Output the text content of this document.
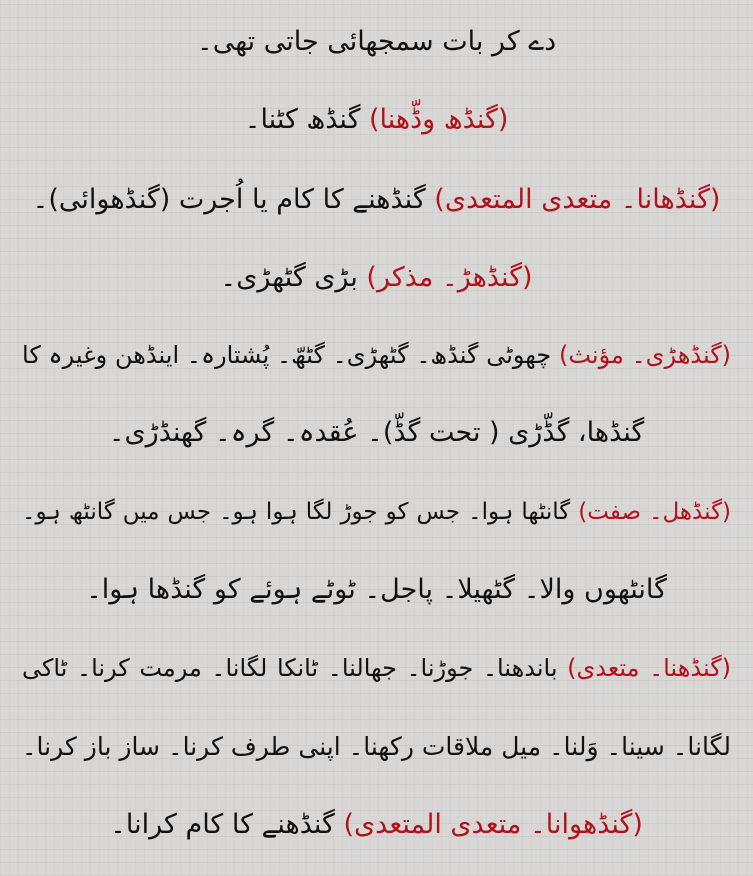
دے کر بات سمجھائی جاتی تھی۔
(گنڈھ وڈّھنا) گنڈھ کٹنا۔
(گنڈھانا۔ متعدی المتعدی) گنڈھنے کا کام یا اُجرت (گنڈھوائی)۔
(گنڈھڑ۔ مذکر) بڑی گٹھڑی۔
(گنڈھڑی۔ مؤنث) چھوٹی گنڈھ۔ گٹھڑی۔ گٹھّ۔ پُشتارہ۔ اینڈھن وغیرہ کا
گنڈھا، گڈّڑی ( تحت گڈّ)۔ عُقدہ۔ گرہ۔ گھنڈڑی۔
(گنڈھل۔ صفت) گانٹھا ہوا۔ جس کو جوڑ لگا ہوا ہو۔ جس میں گانٹھ ہو۔
گانٹھوں والا۔ گٹھیلا۔ پاجل۔ ٹوٹے ہوئے کو گنڈھا ہوا۔
(گنڈھنا۔ متعدی) باندھنا۔ جوڑنا۔ جھالنا۔ ٹانکا لگانا۔ مرمت کرنا۔ ٹاکی
لگانا۔ سینا۔ وَلنا۔ میل ملاقات رکھنا۔ اپنی طرف کرنا۔ ساز باز کرنا۔
(گنڈھوانا۔ متعدی المتعدی) گنڈھنے کا کام کرانا۔
